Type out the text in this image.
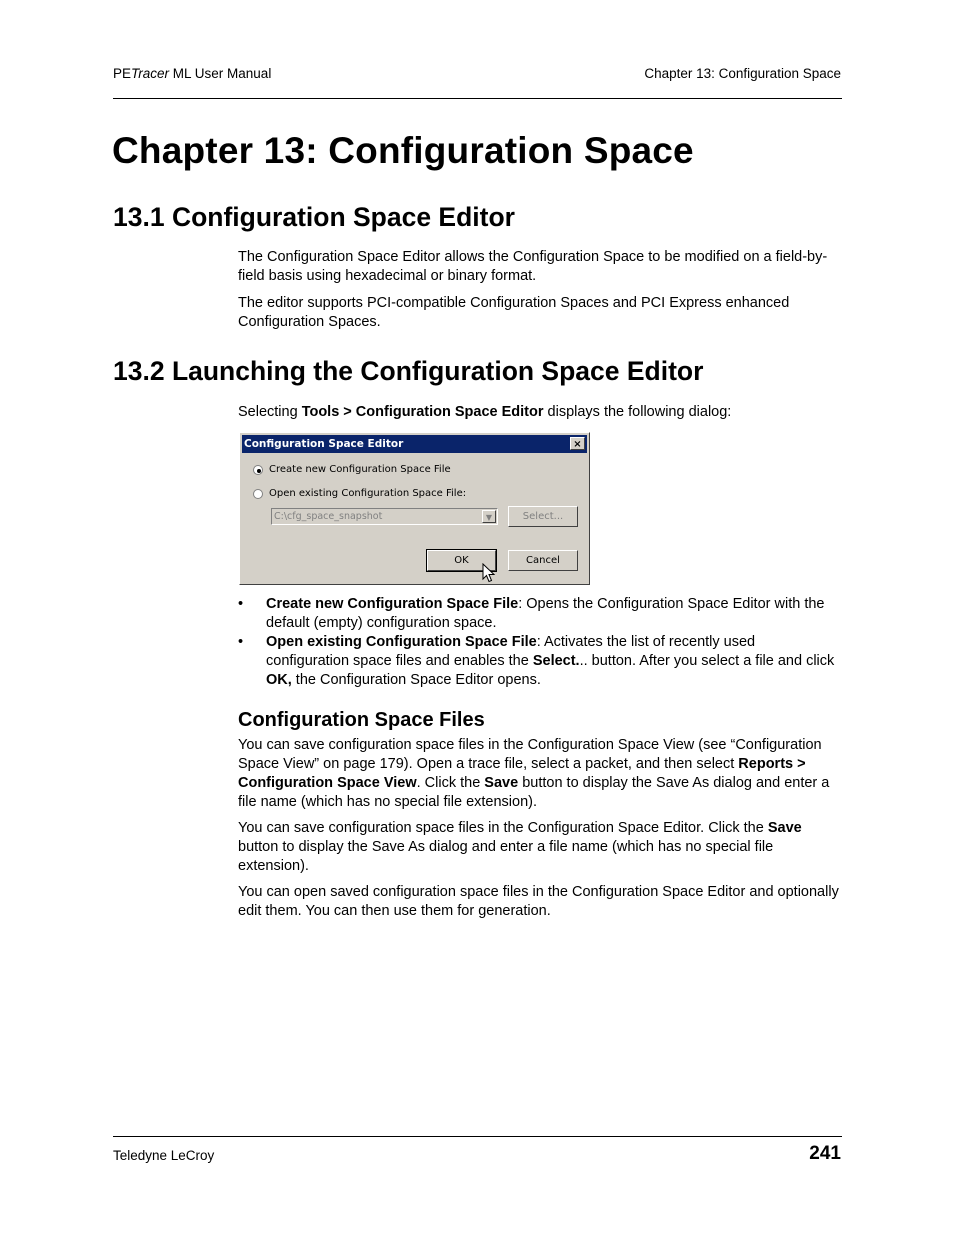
PETracer ML User Manual	Chapter 13: Configuration Space
Chapter 13: Configuration Space
13.1 Configuration Space Editor

The Configuration Space Editor allows the Configuration Space to be modified on a field-by-field basis using hexadecimal or binary format.

The editor supports PCI-compatible Configuration Spaces and PCI Express enhanced Configuration Spaces.

13.2 Launching the Configuration Space Editor
Selecting Tools > Configuration Space Editor displays the following dialog:
Configuration Space Editor	×
Create new Configuration Space File
Open existing Configuration Space File:
C:\cfg_space_snapshot	▼	Select...
OK	Cancel
• Create new Configuration Space File: Opens the Configuration Space Editor with the default (empty) configuration space.
• Open existing Configuration Space File: Activates the list of recently used configuration space files and enables the Select... button. After you select a file and click OK, the Configuration Space Editor opens.
Configuration Space Files

You can save configuration space files in the Configuration Space View (see “Configuration Space View” on page 179). Open a trace file, select a packet, and then select Reports > Configuration Space View. Click the Save button to display the Save As dialog and enter a file name (which has no special file extension).

You can save configuration space files in the Configuration Space Editor. Click the Save button to display the Save As dialog and enter a file name (which has no special file extension).

You can open saved configuration space files in the Configuration Space Editor and optionally edit them. You can then use them for generation.

Teledyne LeCroy	241
